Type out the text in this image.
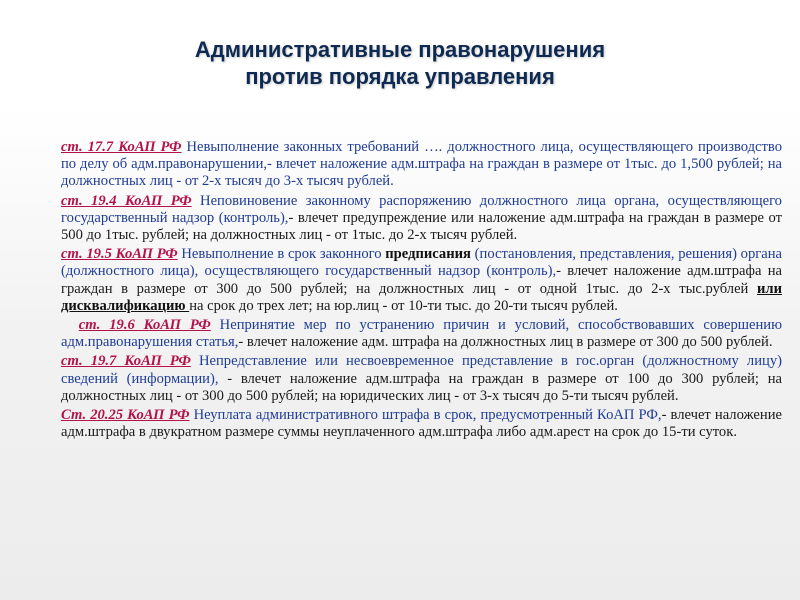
Административные правонарушения
против порядка управления

ст. 17.7 КоАП РФ Невыполнение законных требований …. должностного лица, осуществляющего производство по делу об адм.правонарушении,- влечет наложение адм.штрафа на граждан в размере от 1тыс. до 1,500 рублей; на должностных лиц - от 2-х тысяч до 3-х тысяч рублей.

ст. 19.4 КоАП РФ Неповиновение законному распоряжению должностного лица органа, осуществляющего государственный надзор (контроль),- влечет предупреждение или наложение адм.штрафа на граждан в размере от 500 до 1тыс. рублей; на должностных лиц - от 1тыс. до 2-х тысяч рублей.

ст. 19.5 КоАП РФ Невыполнение в срок законного предписания (постановления, представления, решения) органа (должностного лица), осуществляющего государственный надзор (контроль),- влечет наложение адм.штрафа на граждан в размере от 300 до 500 рублей; на должностных лиц - от одной 1тыс. до 2-х тыс.рублей или дисквалификацию на срок до трех лет; на юр.лиц - от 10-ти тыс. до 20-ти тысяч рублей.

ст. 19.6 КоАП РФ Непринятие мер по устранению причин и условий, способствовавших совершению адм.правонарушения статья,- влечет наложение адм. штрафа на должностных лиц в размере от 300 до 500 рублей.

ст. 19.7 КоАП РФ Непредставление или несвоевременное представление в гос.орган (должностному лицу) сведений (информации), - влечет наложение адм.штрафа на граждан в размере от 100 до 300 рублей; на должностных лиц - от 300 до 500 рублей; на юридических лиц - от 3-х тысяч до 5-ти тысяч рублей.

Ст. 20.25 КоАП РФ Неуплата административного штрафа в срок, предусмотренный КоАП РФ,- влечет наложение адм.штрафа в двукратном размере суммы неуплаченного адм.штрафа либо адм.арест на срок до 15-ти суток.
